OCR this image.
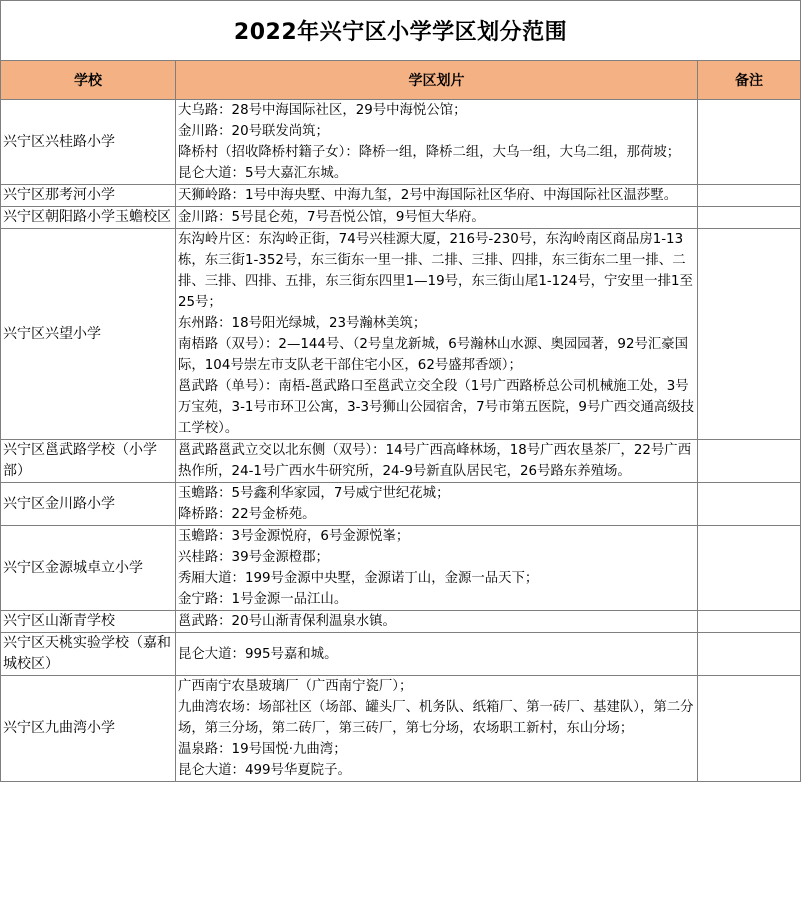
2022年兴宁区小学学区划分范围		
学校	学区划片	备注
兴宁区兴桂路小学	大乌路：28号中海国际社区，29号中海悦公馆；
金川路：20号联发尚筑；
降桥村（招收降桥村籍子女）：降桥一组，降桥二组，大乌一组，大乌二组，那荷坡；
昆仑大道：5号大嘉汇东城。	

兴宁区那考河小学	天狮岭路：1号中海央墅、中海九玺，2号中海国际社区华府、中海国际社区温莎墅。	

兴宁区朝阳路小学玉蟾校区	金川路：5号昆仑苑，7号吾悦公馆，9号恒大华府。	

兴宁区兴望小学	东沟岭片区：东沟岭正街，74号兴桂源大厦，216号-230号，东沟岭南区商品房1-13栋，东三街1-352号，东三街东一里一排、二排、三排、四排，东三街东二里一排、二排、三排、四排、五排，东三街东四里1—19号，东三街山尾1-124号，宁安里一排1至25号；
东州路：18号阳光绿城，23号瀚林美筑；
南梧路（双号）：2—144号、（2号皇龙新城，6号瀚林山水源、奥园园著，92号汇豪国际，104号崇左市支队老干部住宅小区，62号盛邦香颂）；
邕武路（单号）：南梧-邕武路口至邕武立交全段（1号广西路桥总公司机械施工处，3号万宝苑，3-1号市环卫公寓，3-3号狮山公园宿舍，7号市第五医院，9号广西交通高级技工学校）。	

兴宁区邕武路学校（小学部）	邕武路邕武立交以北东侧（双号）：14号广西高峰林场，18号广西农垦茶厂，22号广西热作所，24-1号广西水牛研究所，24-9号新直队居民宅，26号路东养殖场。	

兴宁区金川路小学	玉蟾路：5号鑫利华家园，7号威宁世纪花城；
降桥路：22号金桥苑。	

兴宁区金源城卓立小学	玉蟾路：3号金源悦府，6号金源悦峯；
兴桂路：39号金源橙郡；
秀厢大道：199号金源中央墅，金源诺丁山，金源一品天下；
金宁路：1号金源一品江山。	

兴宁区山渐青学校	邕武路：20号山渐青保利温泉水镇。	

兴宁区天桃实验学校（嘉和城校区）	昆仑大道：995号嘉和城。	

兴宁区九曲湾小学	广西南宁农垦玻璃厂（广西南宁瓷厂）；
九曲湾农场：场部社区（场部、罐头厂、机务队、纸箱厂、第一砖厂、基建队），第二分场，第三分场，第二砖厂，第三砖厂，第七分场，农场职工新村，东山分场；
温泉路：19号国悦·九曲湾；
昆仑大道：499号华夏院子。	
